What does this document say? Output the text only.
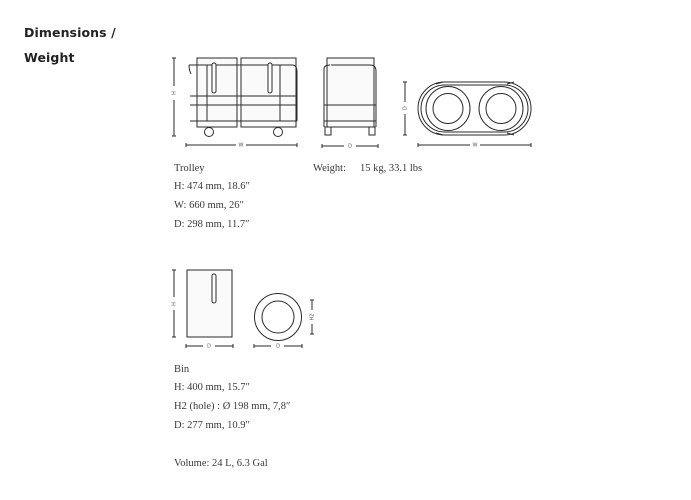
Dimensions /
Weight
H
W	D
D
W
H
D
H2
D
Trolley
H: 474 mm, 18.6″
W: 660 mm, 26″
D: 298 mm, 11.7″
Weight: 15 kg, 33.1 lbs
Bin
H: 400 mm, 15.7″
H2 (hole) : Ø 198 mm, 7,8″
D: 277 mm, 10.9″
Volume: 24 L, 6.3 Gal
